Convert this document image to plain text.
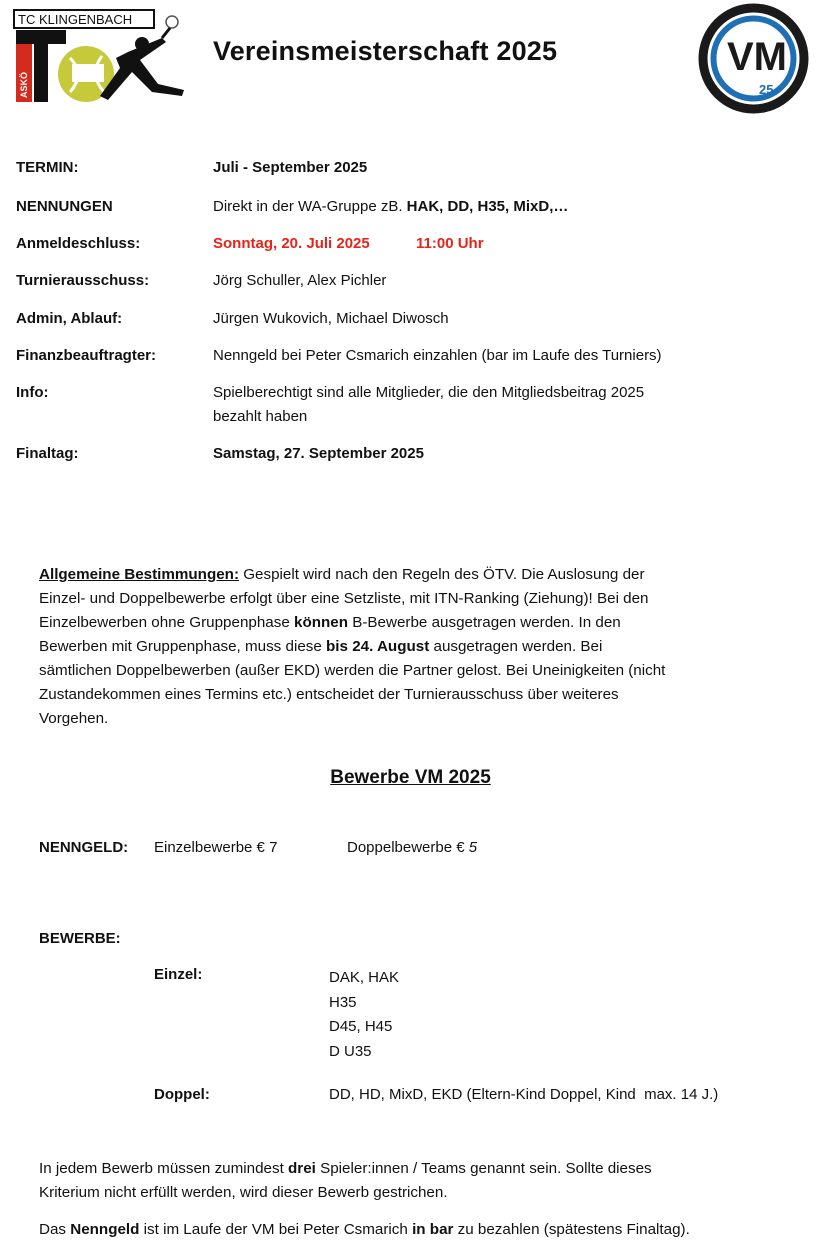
TC KLINGENBACH
ASKÖ
Vereinsmeisterschaft 2025	VM
25
TERMIN:	Juli - September 2025
NENNUNGEN	Direkt in der WA-Gruppe zB. HAK, DD, H35, MixD,…
Anmeldeschluss:	Sonntag, 20. Juli 2025	11:00 Uhr
Turnierausschuss:	Jörg Schuller, Alex Pichler
Admin, Ablauf:	Jürgen Wukovich, Michael Diwosch
Finanzbeauftragter:	Nenngeld bei Peter Csmarich einzahlen (bar im Laufe des Turniers)
Info:	Spielberechtigt sind alle Mitglieder, die den Mitgliedsbeitrag 2025
bezahlt haben
Finaltag:	Samstag, 27. September 2025
Allgemeine Bestimmungen: Gespielt wird nach den Regeln des ÖTV. Die Auslosung der
Einzel- und Doppelbewerbe erfolgt über eine Setzliste, mit ITN-Ranking (Ziehung)! Bei den
Einzelbewerben ohne Gruppenphase können B-Bewerbe ausgetragen werden. In den
Bewerben mit Gruppenphase, muss diese bis 24. August ausgetragen werden. Bei
sämtlichen Doppelbewerben (außer EKD) werden die Partner gelost. Bei Uneinigkeiten (nicht
Zustandekommen eines Termins etc.) entscheidet der Turnierausschuss über weiteres
Vorgehen.
Bewerbe VM 2025
NENNGELD: Einzelbewerbe € 7	Doppelbewerbe € 5
BEWERBE:
Einzel:	DAK, HAK
H35
D45, H45
D U35
Doppel:	DD, HD, MixD, EKD (Eltern-Kind Doppel, Kind  max. 14 J.)
In jedem Bewerb müssen zumindest drei Spieler:innen / Teams genannt sein. Sollte dieses
Kriterium nicht erfüllt werden, wird dieser Bewerb gestrichen.
Das Nenngeld ist im Laufe der VM bei Peter Csmarich in bar zu bezahlen (spätestens Finaltag).
